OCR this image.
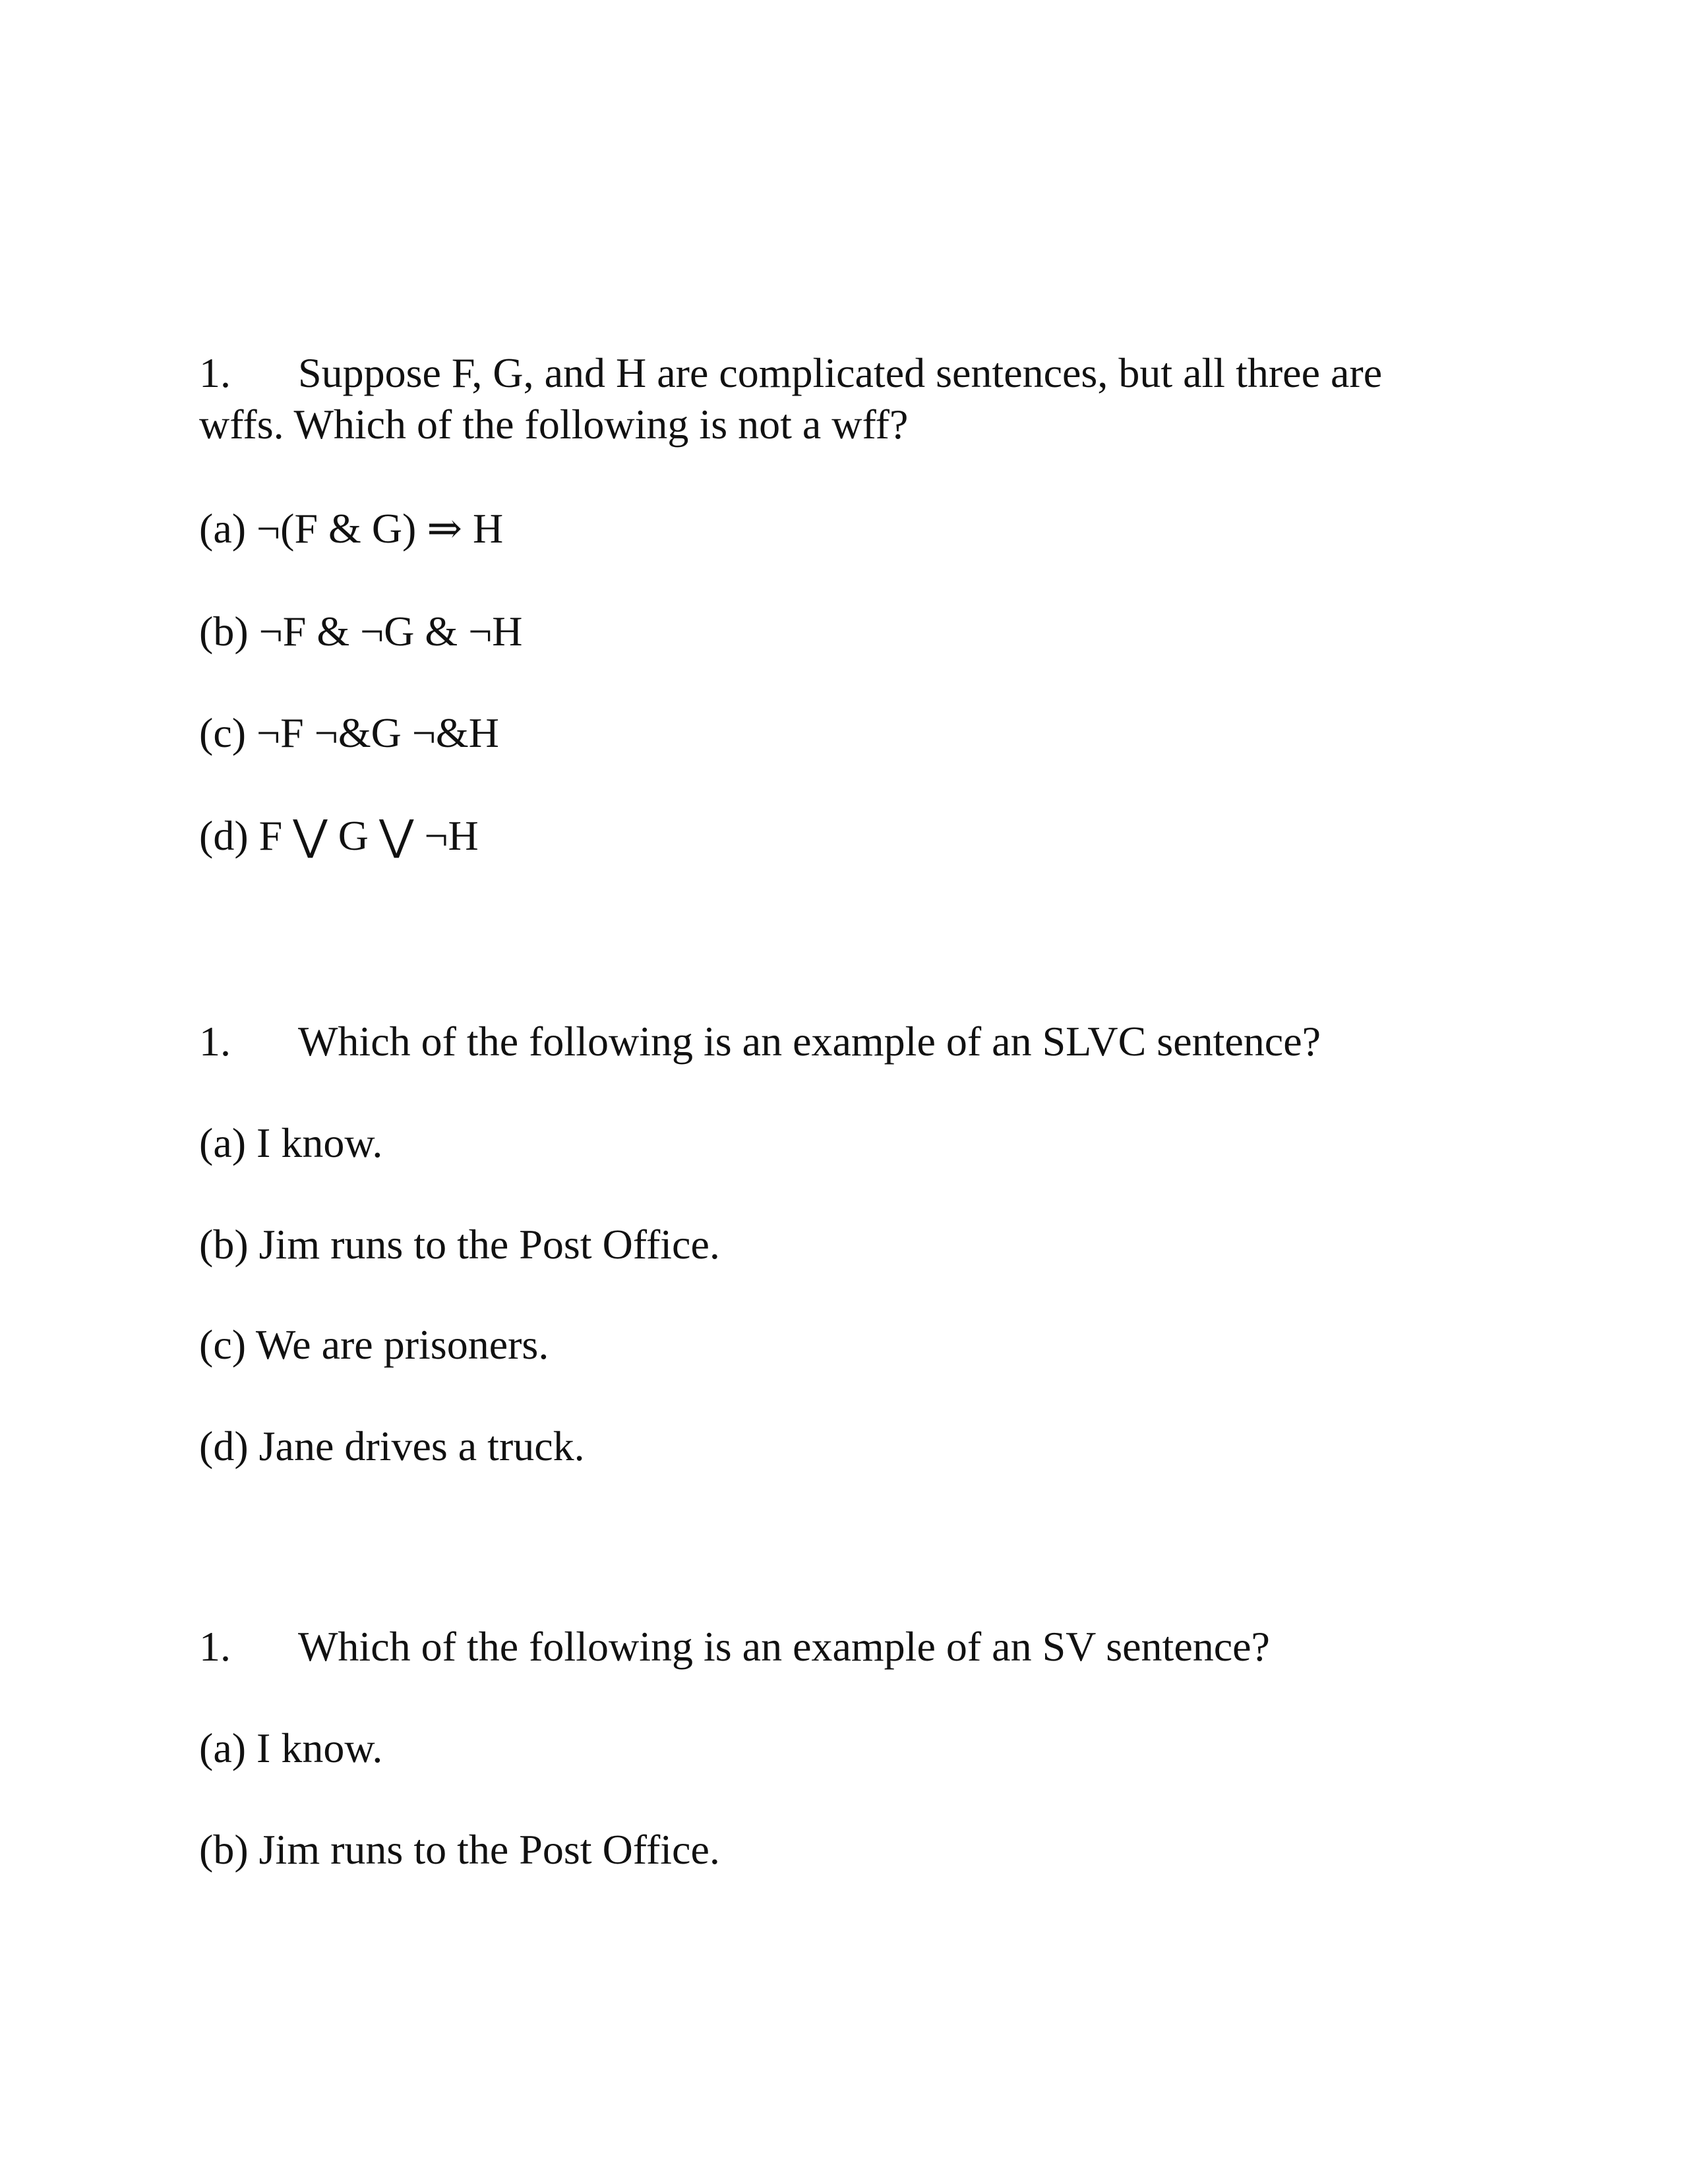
1. Suppose F, G, and H are complicated sentences, but all three are
wffs. Which of the following is not a wff?
(a) ¬(F & G) ⇒ H
(b) ¬F & ¬G & ¬H
(c) ¬F ¬&G ¬&H
(d) F ⋁ G ⋁ ¬H
1. Which of the following is an example of an SLVC sentence?
(a) I know.
(b) Jim runs to the Post Office.
(c) We are prisoners.
(d) Jane drives a truck.
1. Which of the following is an example of an SV sentence?
(a) I know.
(b) Jim runs to the Post Office.
